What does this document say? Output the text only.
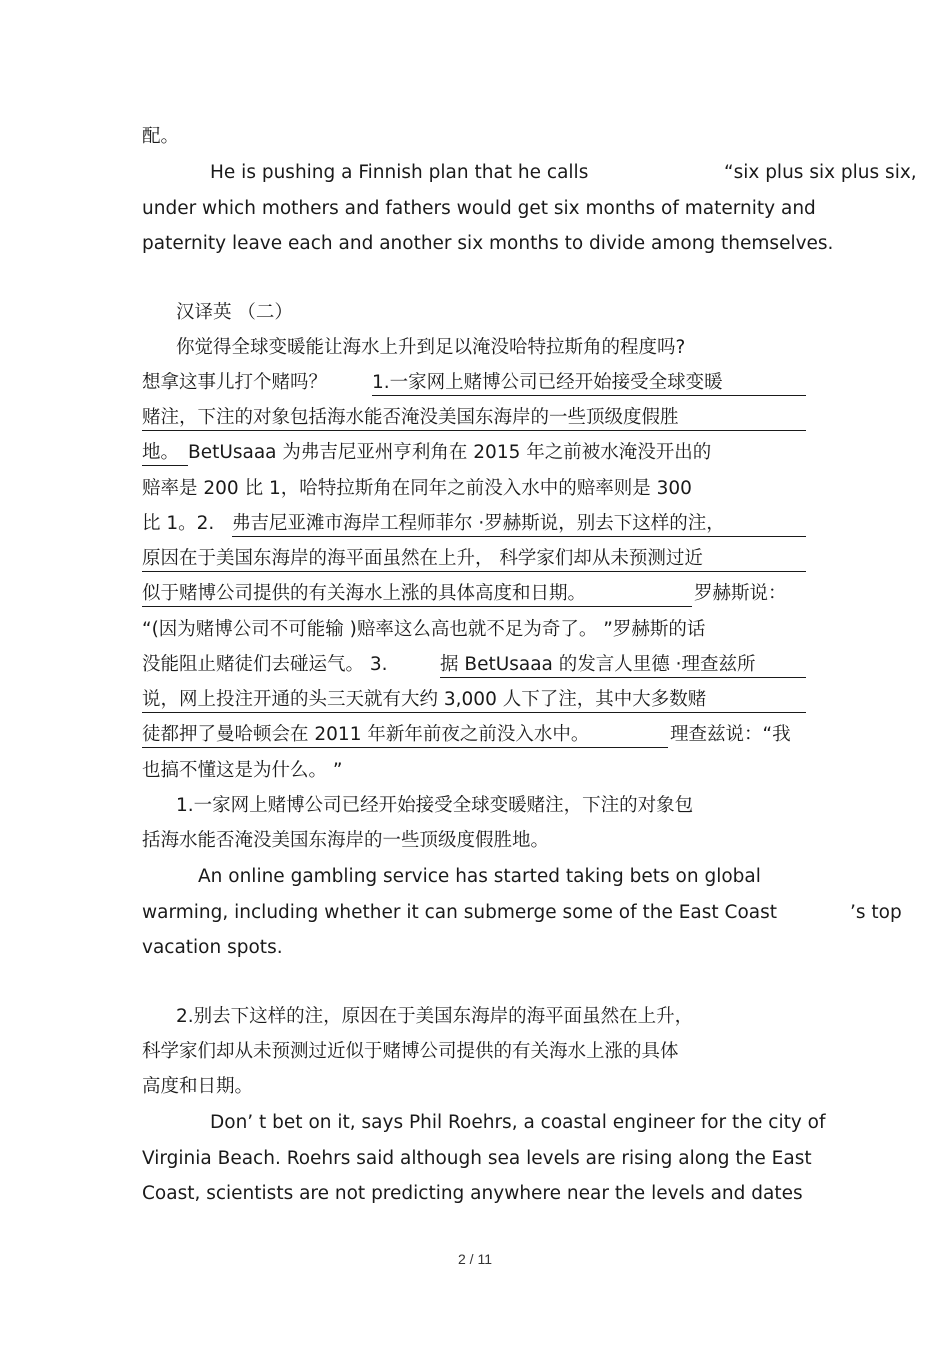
配。
He is pushing a Finnish plan that he calls	“six plus six plus six,
under which mothers and fathers would get six months of maternity and
paternity leave each and another six months to divide among themselves.
汉译英 （二）
你觉得全球变暖能让海水上升到足以淹没哈特拉斯角的程度吗?
想拿这事儿打个赌吗？ 1.一家网上赌博公司已经开始接受全球变暖
赌注，下注的对象包括海水能否淹没美国东海岸的一些顶级度假胜
地。 BetUsaaa 为弗吉尼亚州亨利角在 2015 年之前被水淹没开出的
赔率是 200 比 1，哈特拉斯角在同年之前没入水中的赔率则是 300
比 1。2. 弗吉尼亚滩市海岸工程师菲尔 ·罗赫斯说，别去下这样的注，
原因在于美国东海岸的海平面虽然在上升， 科学家们却从未预测过近
似于赌博公司提供的有关海水上涨的具体高度和日期。	罗赫斯说：
“(因为赌博公司不可能输 )赔率这么高也就不足为奇了。 ”罗赫斯的话
没能阻止赌徒们去碰运气。 3.	据 BetUsaaa 的发言人里德 ·理查兹所
说，网上投注开通的头三天就有大约 3,000 人下了注，其中大多数赌
徒都押了曼哈顿会在 2011 年新年前夜之前没入水中。	理查兹说：“我
也搞不懂这是为什么。 ”
1.一家网上赌博公司已经开始接受全球变暖赌注，下注的对象包
括海水能否淹没美国东海岸的一些顶级度假胜地。
An online gambling service has started taking bets on global
warming, including whether it can submerge some of the East Coast	’s top
vacation spots.
2.别去下这样的注，原因在于美国东海岸的海平面虽然在上升，
科学家们却从未预测过近似于赌博公司提供的有关海水上涨的具体
高度和日期。
Don’ t bet on it, says Phil Roehrs, a coastal engineer for the city of
Virginia Beach. Roehrs said although sea levels are rising along the East
Coast, scientists are not predicting anywhere near the levels and dates
2 / 11
